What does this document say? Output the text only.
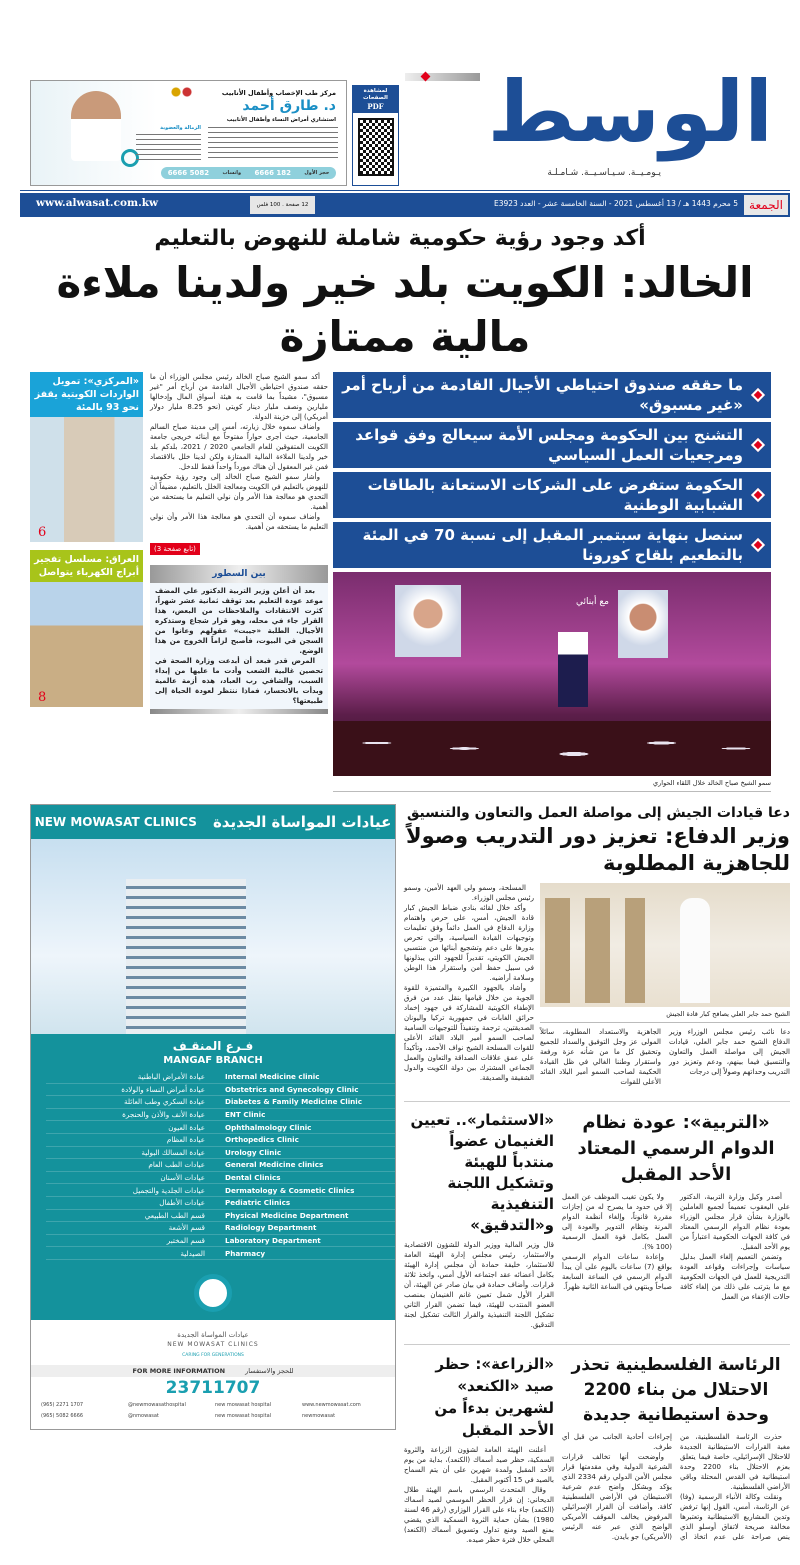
مركز طب الإخصاب وأطفال الأنابيب
د. طارق أحمد
استشاري أمراض النساء وأطفال الأنابيب
الزمالة والعضوية
حجز الأول
182 6666
واتساب
5082 6666
لمشاهدة الصفحات
PDF الوسط
يـومـيــة. سـيـاسـيــة. شـامـلـة
الجمعة
5 محرم 1443 هـ / 13 أغسطس 2021 - السنة الخامسة عشر - العدد E3923
12 صفحة . 100 فلس
www.alwasat.com.kw
أكد وجود رؤية حكومية شاملة للنهوض بالتعليم
الخالد: الكويت بلد خير ولدينا ملاءة مالية ممتازة
«المركزي»: تمويل الواردات الكويتية يقفز نحو 93 بالمئة
6
العراق: مسلسل تفجير أبراج الكهرباء يتواصل
8

أكد سمو الشيخ صباح الخالد رئيس مجلس الوزراء أن ما حققه صندوق احتياطي الأجيال القادمة من أرباح أمر "غير مسبوق"، مشيداً بما قامت به هيئة أسواق المال وإدخالها مليارين ونصف مليار دينار كويتي (نحو 8.25 مليار دولار أمريكي) إلى خزينة الدولة.

وأضاف سموه خلال زيارته، أمس إلى مدينة صباح السالم الجامعية، حيث أجرى حواراً مفتوحاً مع أبنائه خريجي جامعة الكويت المتفوقين للعام الجامعي 2020 / 2021، بلدكم بلد خير ولدينا الملاءة المالية الممتازة ولكن لدينا خلل بالاقتصاد فمن غير المعقول أن هناك مورداً واحداً فقط للدخل.

وأشار سمو الشيخ صباح الخالد إلى وجود رؤية حكومية للنهوض بالتعليم في الكويت ومعالجة الخلل بالتعليم، مضيفاً أن التحدي هو معالجة هذا الأمر وأن نولي التعليم ما يستحقه من أهمية.

وأضاف سموه أن التحدي هو معالجة هذا الأمر وأن نولي التعليم ما يستحقه من أهمية.

(تابع صفحة 3)
بين السطور

بعد أن أعلن وزير التربية الدكتور علي المضف موعد عودة التعليم بعد توقف ثمانية عشر شهراً، كثرت الانتقادات والملاحظات من البعض، هذا القرار جاء في محله، وهو قرار شجاع وستذكره الأجيال. الطلبة «جيبت» عقولهم وعانوا من السجن في البيوت، فأصبح لزاماً الخروج من هذا الوضع.

المرض قدر فبعد أن أبدعت وزارة الصحة في تحصين غالبية الشعب وأدت ما عليها من إبداء السبب، والشافي رب العباد، هذه أزمة عالمية وبدأت بالانحسار، فماذا ننتظر لعودة الحياة إلى طبيعتها؟

ما حققه صندوق احتياطي الأجيال القادمة من أرباح أمر «غير مسبوق»
التشنج بين الحكومة ومجلس الأمة سيعالج وفق قواعد ومرجعيات العمل السياسي
الحكومة ستفرض على الشركات الاستعانة بالطاقات الشبابية الوطنية
سنصل بنهاية سبتمبر المقبل إلى نسبة 70 في المئة بالتطعيم بلقاح كورونا
مع أبنائي
سمو الشيخ صباح الخالد خلال اللقاء الحواري
NEW MOWASAT CLINICS عيادات المواساة الجديدة
فـرع المنقـف
MANGAF BRANCH
عيادة الأمراض الباطنية	Internal Medicine clinic
عيادة أمراض النساء والولادة	Obstetrics and Gynecology Clinic
عيادة السكري وطب العائلة	Diabetes & Family Medicine Clinic
عيادة الأنف والأذن والحنجرة	ENT Clinic
عيادة العيون	Ophthalmology Clinic
عيادة العظام	Orthopedics Clinic
عيادة المسالك البولية	Urology Clinic
عيادات الطب العام	General Medicine clinics
عيادات الأسنان	Dental Clinics
عيادات الجلدية والتجميل	Dermatology & Cosmetic Clinics
عيادات الأطفال	Pediatric Clinics
قسم الطب الطبيعي	Physical Medicine Department
قسم الأشعة	Radiology Department
قسم المختبر	Laboratory Department
الصيدلية	Pharmacy
عيادات المواساة الجديدة
NEW MOWASAT CLINICS
CARING FOR GENERATIONS
FOR MORE INFORMATION	للحجز والاستفسار
23711707
(965) 2271 1707	@newmowasathospital	new mowasat hospital	www.newmowasat.com
(965) 5082 6666	@nmowasat	new mowasat hospital	newmowasat
دعا قيادات الجيش إلى مواصلة العمل والتعاون والتنسيق
وزير الدفاع: تعزيز دور التدريب وصولاً للجاهزية المطلوبة

المسلحة، وسمو ولي العهد الأمين، وسمو رئيس مجلس الوزراء.

وأكد خلال لقائه بنادي ضباط الجيش كبار قادة الجيش، أمس، على حرص واهتمام وزارة الدفاع في العمل دائماً وفق تعليمات وتوجيهات القيادة السياسية، والتي تحرص بدورها على دعم وتشجيع أبنائها من منتسبي الجيش الكويتي، تقديراً للجهود التي يبذلونها في سبيل حفظ أمن واستقرار هذا الوطن وسلامة أراضيه.

وأشاد بالجهود الكبيرة والمتميزة للقوة الجوية من خلال قيامها بنقل عدد من فرق الإطفاء الكويتية للمشاركة في جهود إخماد حرائق الغابات في جمهورية تركيا واليونان الصديقتين، ترجمة وتنفيذاً للتوجيهات السامية لصاحب السمو أمير البلاد القائد الأعلى للقوات المسلحة الشيخ نواف الأحمد، وتأكيداً على عمق علاقات الصداقة والتعاون والعمل الجماعي المشترك بين دولة الكويت والدول الشقيقة والصديقة.

الشيخ حمد جابر العلي يصافح كبار قادة الجيش
الجاهزية والاستعداد المطلوبة، سائلاً المولى عز وجل التوفيق والسداد للجميع وتحقيق كل ما من شأنه عزة ورفعة واستقرار وطننا الغالي في ظل القيادة الحكيمة لصاحب السمو أمير البلاد القائد الأعلى للقوات
دعا نائب رئيس مجلس الوزراء وزير الدفاع الشيخ حمد جابر العلي، قيادات الجيش إلى مواصلة العمل والتعاون والتنسيق فيما بينهم، ودعم وتعزيز دور التدريب وحداتهم وصولاً إلى درجات
«الاستثمار».. تعيين الغنيمان عضواً منتدباً للهيئة وتشكيل اللجنة التنفيذية و«التدقيق»
قال وزير المالية ووزير الدولة للشؤون الاقتصادية والاستثمار، رئيس مجلس إدارة الهيئة العامة للاستثمار، خليفة حمادة أن مجلس إدارة الهيئة بكامل أعضائه عقد اجتماعه الأول أمس، واتخذ ثلاثة قرارات. وأضاف حمادة في بيان صادر عن الهيئة، أن القرار الأول شمل تعيين غانم الغنيمان بمنصب العضو المنتدب للهيئة، فيما تضمن القرار الثاني تشكيل اللجنة التنفيذية والقرار الثالث تشكيل لجنة التدقيق.
«التربية»: عودة نظام الدوام الرسمي المعتاد الأحد المقبل

أصدر وكيل وزارة التربية، الدكتور علي اليعقوب تعميماً لجميع العاملين بالوزارة بشأن قرار مجلس الوزراء بعودة نظام الدوام الرسمي المعتاد في كافة الجهات الحكومية اعتباراً من يوم الأحد المقبل.

وتضمن التعميم إلغاء العمل بدليل سياسات وإجراءات وقواعد العودة التدريجية للعمل في الجهات الحكومية مع ما يترتب على ذلك من إلغاء كافة حالات الإعفاء من العمل

ولا يكون تغيب الموظف عن العمل إلا في حدود ما يصرح له من إجازات مقررة قانوناً، وإلغاء أنظمة الدوام المرنة ونظام التدوير والعودة إلى العمل بكامل قوة العمل الرسمية (100 %).

وإعادة ساعات الدوام الرسمي بواقع (7) ساعات باليوم على أن يبدأ الدوام الرسمي في الساعة السابعة صباحاً وينتهي في الساعة الثانية ظهراً.

«الزراعة»: حظر صيد «الكنعد» لشهرين بدءاً من الأحد المقبل

أعلنت الهيئة العامة لشؤون الزراعة والثروة السمكية، حظر صيد أسماك (الكنعد)، بداية من يوم الأحد المقبل ولمدة شهرين على أن يتم السماح بالصيد في 15 أكتوبر المقبل.

وقال المتحدث الرسمي باسم الهيئة طلال الديحاني: إن قرار الحظر الموسمي لصيد أسماك (الكنعد) جاء بناء على القرار الوزاري (رقم 46 لسنة 1980) بشأن حماية الثروة السمكية الذي يقضي بمنع الصيد ومنع تداول وتسويق أسماك (الكنعد) المحلي خلال فترة حظر صيده.

الرئاسة الفلسطينية تحذر الاحتلال من بناء 2200 وحدة استيطانية جديدة

حذرت الرئاسة الفلسطينية، من مغبة القرارات الاستيطانية الجديدة للاحتلال الإسرائيلي، خاصة فيما يتعلق بعزم الاحتلال بناء 2200 وحدة استيطانية في القدس المحتلة وباقي الأراضي الفلسطينية.

ونقلت وكالة الأنباء الرسمية (وفا) عن الرئاسة، أمس، القول إنها ترفض وتدين المشاريع الاستيطانية وتعتبرها مخالفة صريحة لاتفاق أوسلو الذي ينص صراحة على عدم اتخاذ أي إجراءات أحادية الجانب من قبل أي طرف.

وأوضحت أنها تخالف قرارات الشرعية الدولية وفي مقدمتها قرار مجلس الأمن الدولي رقم 2334 الذي يؤكد وبشكل واضح عدم شرعية الاستيطان في الأراضي الفلسطينية كافة. وأضافت أن القرار الإسرائيلي المرفوض يخالف الموقف الأمريكي الواضح الذي عبر عنه الرئيس (الأمريكي) جو بايدن.
